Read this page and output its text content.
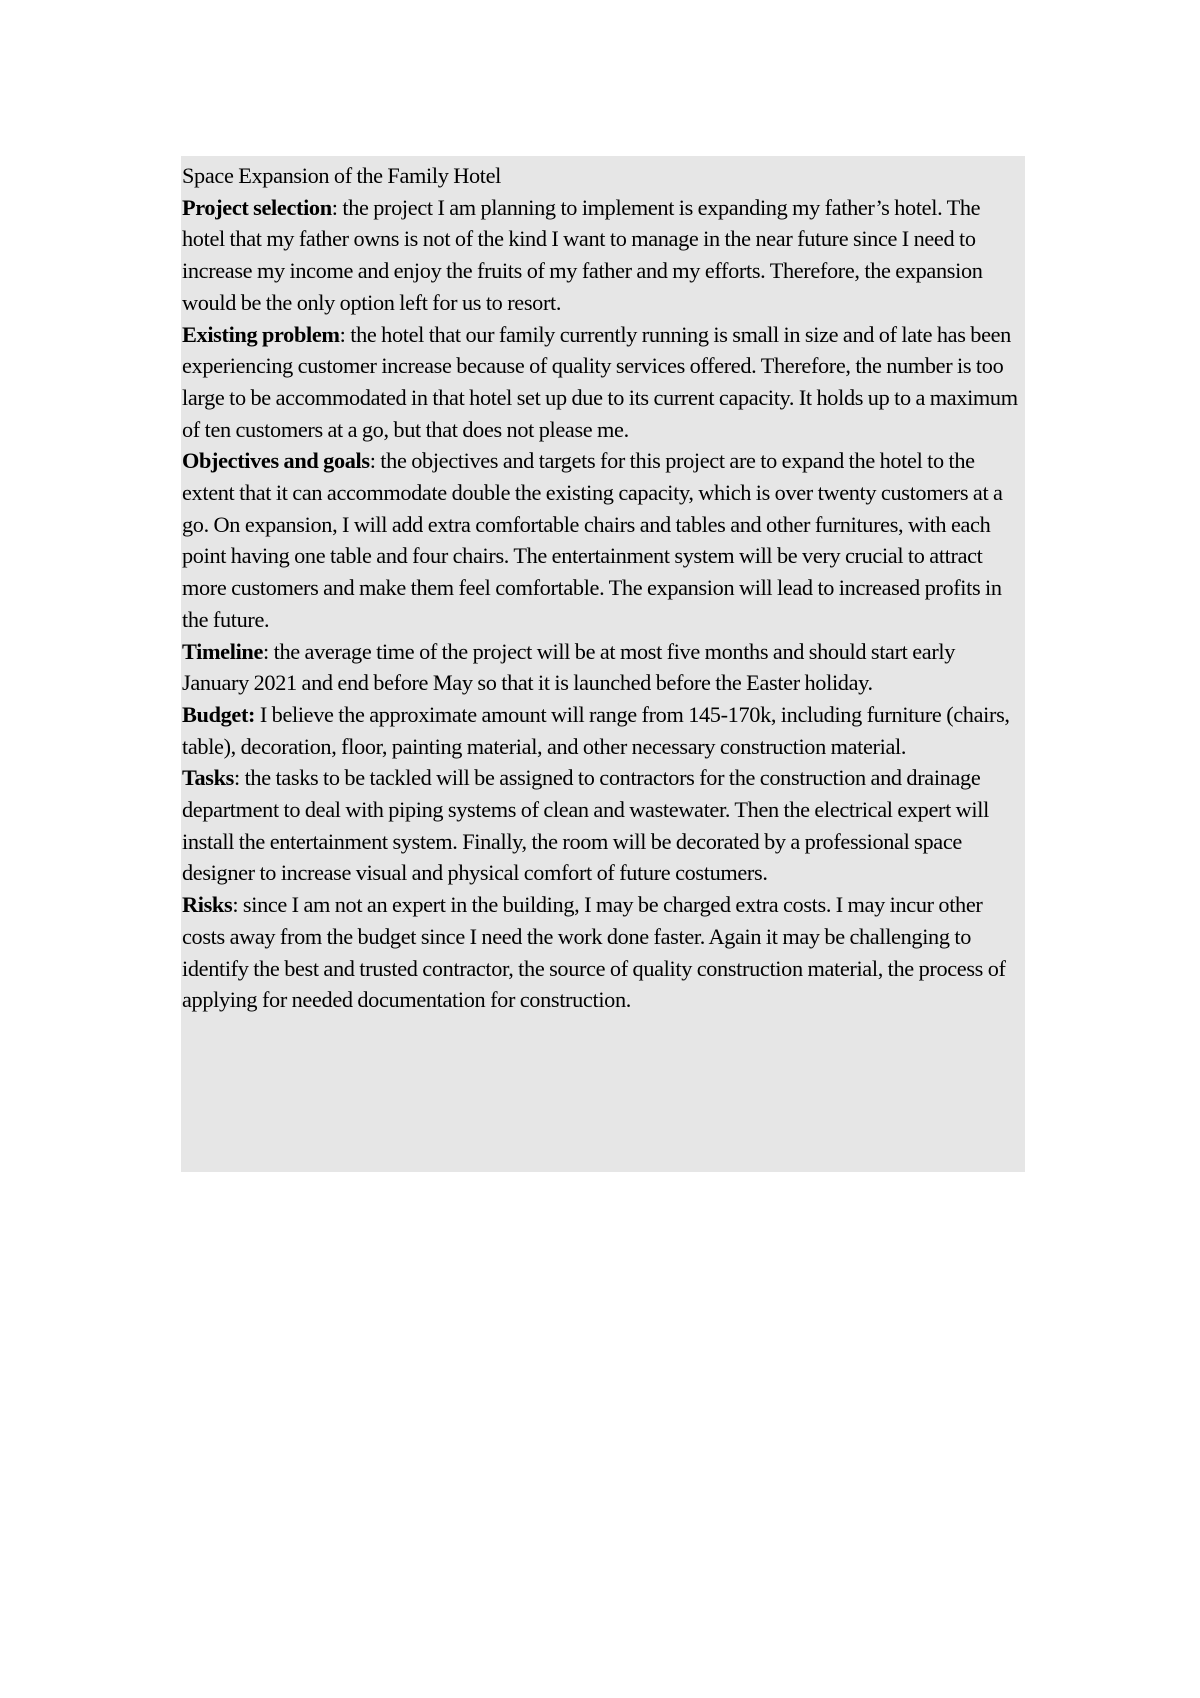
Space Expansion of the Family Hotel

Project selection: the project I am planning to implement is expanding my father’s hotel. The hotel that my father owns is not of the kind I want to manage in the near future since I need to increase my income and enjoy the fruits of my father and my efforts. Therefore, the expansion would be the only option left for us to resort.

Existing problem: the hotel that our family currently running is small in size and of late has been experiencing customer increase because of quality services offered. Therefore, the number is too large to be accommodated in that hotel set up due to its current capacity. It holds up to a maximum of ten customers at a go, but that does not please me.

Objectives and goals: the objectives and targets for this project are to expand the hotel to the extent that it can accommodate double the existing capacity, which is over twenty customers at a go. On expansion, I will add extra comfortable chairs and tables and other furnitures, with each point having one table and four chairs. The entertainment system will be very crucial to attract more customers and make them feel comfortable. The expansion will lead to increased profits in the future.

Timeline: the average time of the project will be at most five months and should start early January 2021 and end before May so that it is launched before the Easter holiday.

Budget: I believe the approximate amount will range from 145-170k, including furniture (chairs, table), decoration, floor, painting material, and other necessary construction material.

Tasks: the tasks to be tackled will be assigned to contractors for the construction and drainage department to deal with piping systems of clean and wastewater. Then the electrical expert will install the entertainment system. Finally, the room will be decorated by a professional space designer to increase visual and physical comfort of future costumers.

Risks: since I am not an expert in the building, I may be charged extra costs. I may incur other costs away from the budget since I need the work done faster. Again it may be challenging to identify the best and trusted contractor, the source of quality construction material, the process of applying for needed documentation for construction.
